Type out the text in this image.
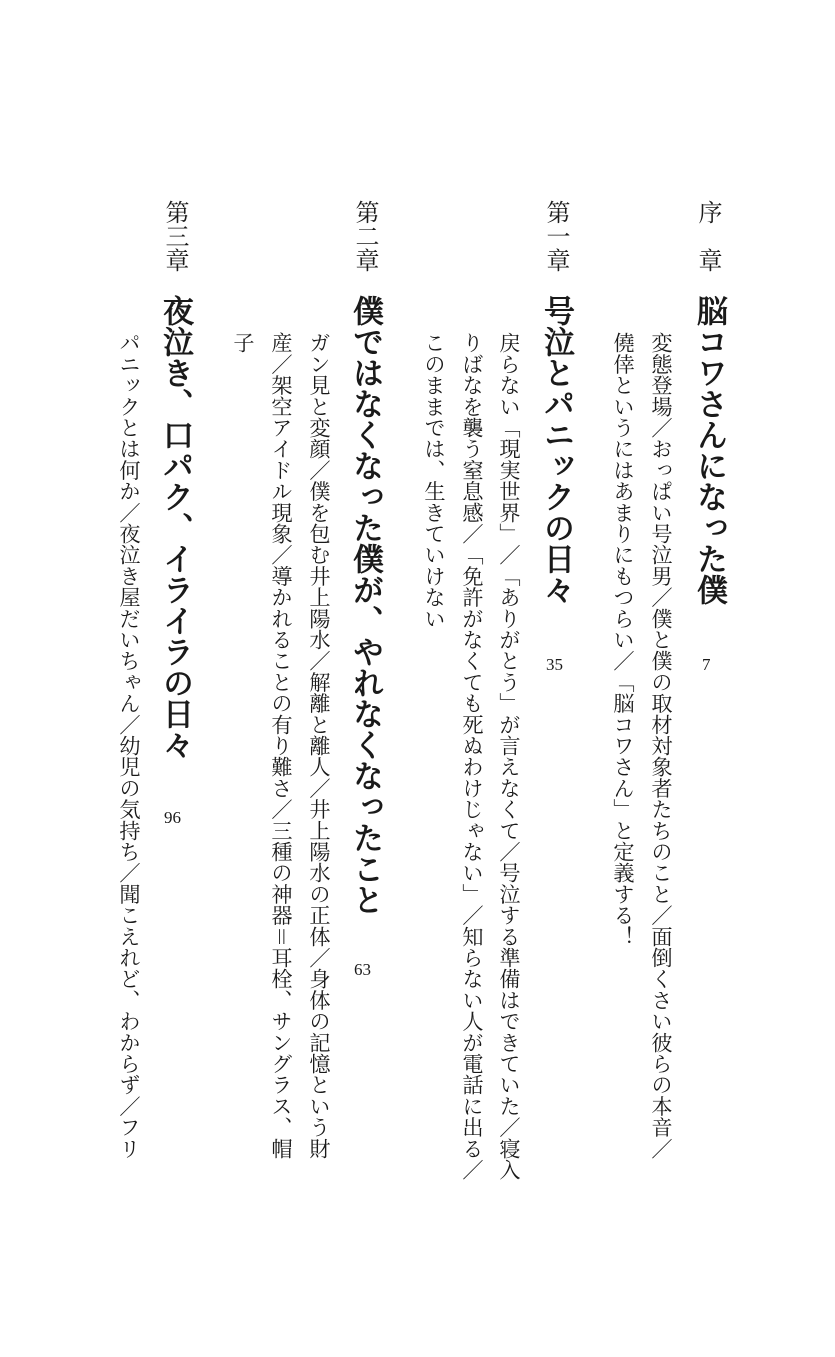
序　章
脳コワさんになった僕
7
変態登場／おっぱい号泣男／僕と僕の取材対象者たちのこと／面倒くさい彼らの本音／
僥倖というにはあまりにもつらい／「脳コワさん」と定義する！
第一章
号泣とパニックの日々
35
戻らない「現実世界」／「ありがとう」が言えなくて／号泣する準備はできていた／寝入
りばなを襲う窒息感／「免許がなくても死ぬわけじゃない」／知らない人が電話に出る／
このままでは、生きていけない
第二章
僕ではなくなった僕が、やれなくなったこと
63
ガン見と変顔／僕を包む井上陽水／解離と離人／井上陽水の正体／身体の記憶という財
産／架空アイドル現象／導かれることの有り難さ／三種の神器＝耳栓、サングラス、帽
子
第三章
夜泣き、口パク、イライラの日々
96
パニックとは何か／夜泣き屋だいちゃん／幼児の気持ち／聞こえれど、わからず／フリ
